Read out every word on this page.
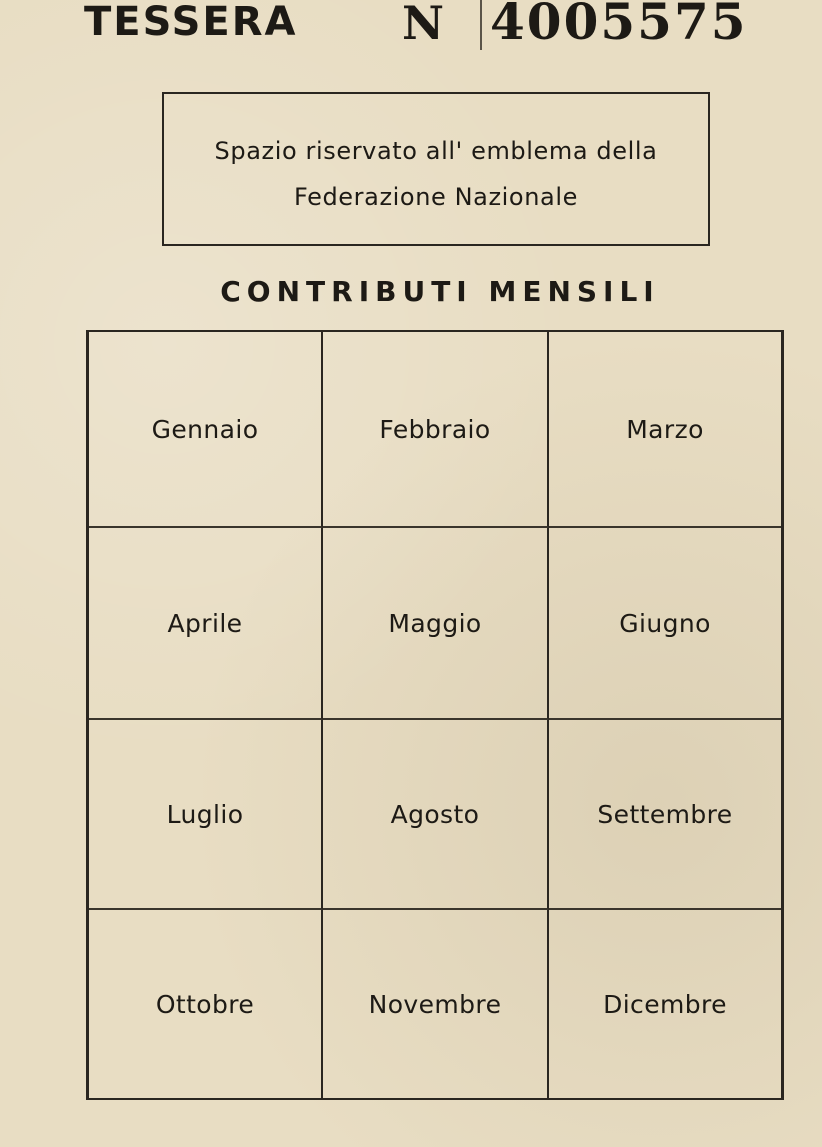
TESSERA N 4005575
Spazio riservato all' emblema della
Federazione Nazionale
CONTRIBUTI MENSILI
Gennaio	Febbraio	Marzo
Aprile	Maggio	Giugno
Luglio	Agosto	Settembre
Ottobre	Novembre	Dicembre
